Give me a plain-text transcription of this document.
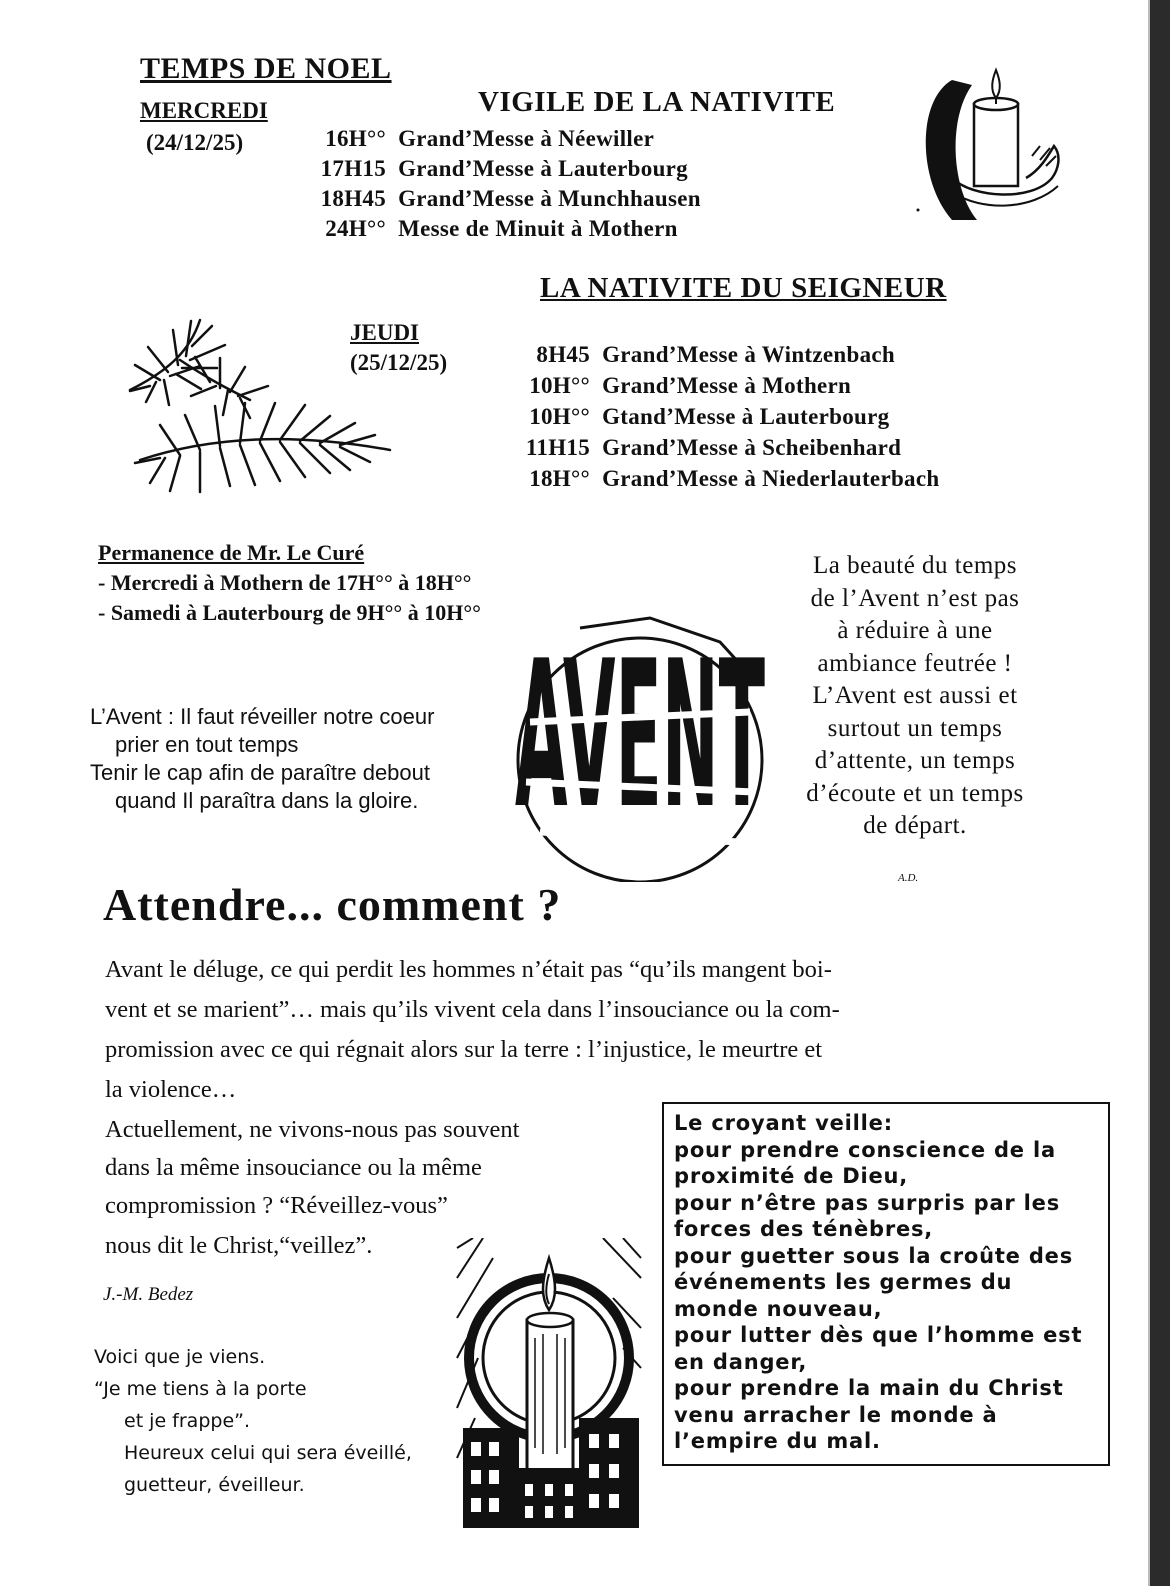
TEMPS DE NOEL
VIGILE DE LA NATIVITE
MERCREDI
(24/12/25)	16H°° Grand’Messe à Néewiller
17H15 Grand’Messe à Lauterbourg
18H45 Grand’Messe à Munchhausen
24H°° Messe de Minuit à Mothern
LA NATIVITE DU SEIGNEUR
JEUDI
(25/12/25)	8H45 Grand’Messe à Wintzenbach
10H°° Grand’Messe à Mothern
10H°° Gtand’Messe à Lauterbourg
11H15 Grand’Messe à Scheibenhard
18H°° Grand’Messe à Niederlauterbach
Permanence de Mr. Le Curé
- Mercredi à Mothern de 17H°° à 18H°°
- Samedi à Lauterbourg de 9H°° à 10H°°
L’Avent : Il faut réveiller notre coeur
prier en tout temps
Tenir le cap afin de paraître debout
quand Il paraîtra dans la gloire. AVENT
La beauté du temps
de l’Avent n’est pas
à réduire à une
ambiance feutrée !
L’Avent est aussi et
surtout un temps
d’attente, un temps
d’écoute et un temps
de départ.
A.D.
Attendre... comment ?
Avant le déluge, ce qui perdit les hommes n’était pas “qu’ils mangent boi-
vent et se marient”… mais qu’ils vivent cela dans l’insouciance ou la com-
promission avec ce qui régnait alors sur la terre : l’injustice, le meurtre et
la violence…
Actuellement, ne vivons-nous pas souvent
dans la même insouciance ou la même
compromission ? “Réveillez-vous”
nous dit le Christ,“veillez”.
J.-M. Bedez
Voici que je viens.
“Je me tiens à la porte
et je frappe”.
Heureux celui qui sera éveillé,
guetteur, éveilleur.
Le croyant veille:
pour prendre conscience de la
proximité de Dieu,
pour n’être pas surpris par les
forces des ténèbres,
pour guetter sous la croûte des
événements les germes du
monde nouveau,
pour lutter dès que l’homme est
en danger,
pour prendre la main du Christ
venu arracher le monde à
l’empire du mal.
